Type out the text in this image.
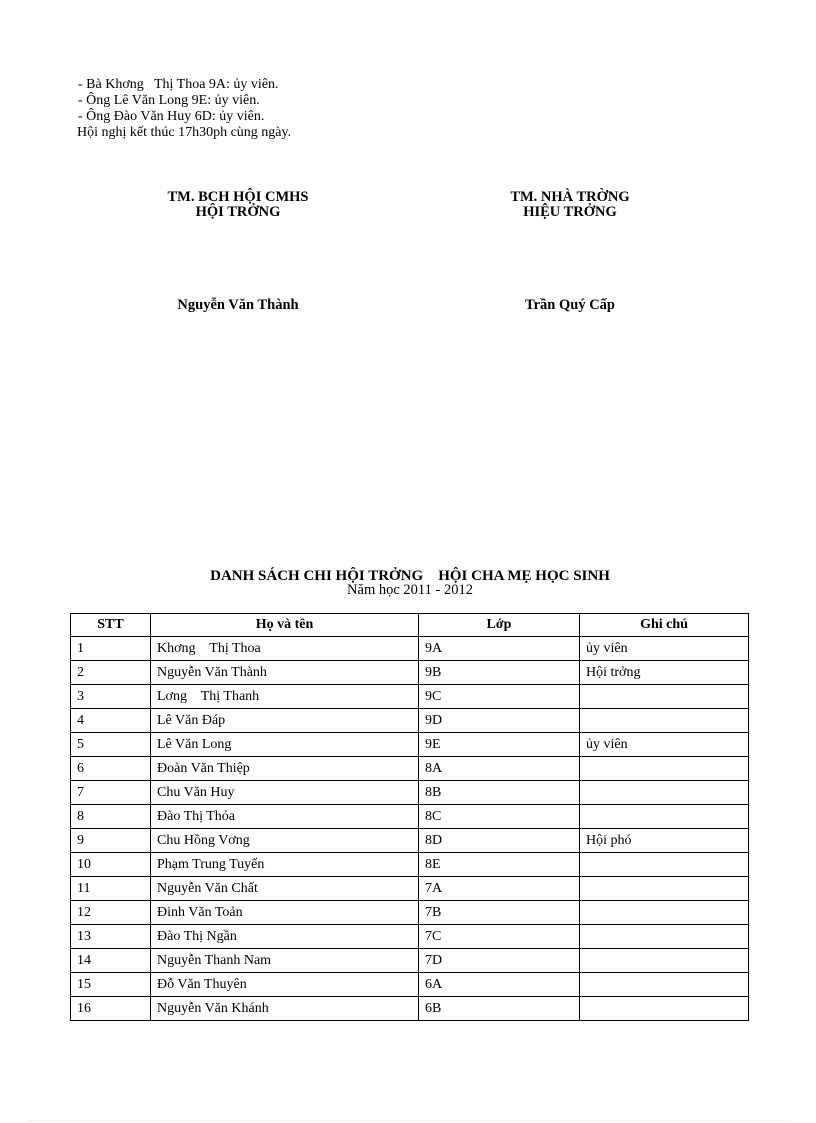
- Bà Khơng   Thị Thoa 9A: ủy viên.
- Ông Lê Văn Long 9E: ủy viên.
- Ông Đào Văn Huy 6D: ủy viên.
Hội nghị kết thúc 17h30ph cùng ngày.
TM. BCH HỘI CMHS
HỘI TRỞNG
TM. NHÀ TRỜNG
HIỆU TRỞNG
Nguyễn Văn Thành	Trần Quý Cấp
DANH SÁCH CHI HỘI TRỞNG    HỘI CHA MẸ HỌC SINH
Năm học 2011 - 2012
STT	Họ và tên	Lớp	Ghi chú
1	Khơng    Thị Thoa	9A	ủy viên
2	Nguyễn Văn Thành	9B	Hội trởng
3	Lơng    Thị Thanh	9C	
4	Lê Văn Đáp	9D	
5	Lê Văn Long	9E	ủy viên
6	Đoàn Văn Thiệp	8A	
7	Chu Văn Huy	8B	
8	Đào Thị Thỏa	8C	
9	Chu Hồng Vơng	8D	Hội phó
10	Phạm Trung Tuyến	8E	
11	Nguyễn Văn Chất	7A	
12	Đinh Văn Toản	7B	
13	Đào Thị Ngần	7C	
14	Nguyễn Thanh Nam	7D	
15	Đỗ Văn Thuyên	6A	
16	Nguyễn Văn Khánh	6B	
